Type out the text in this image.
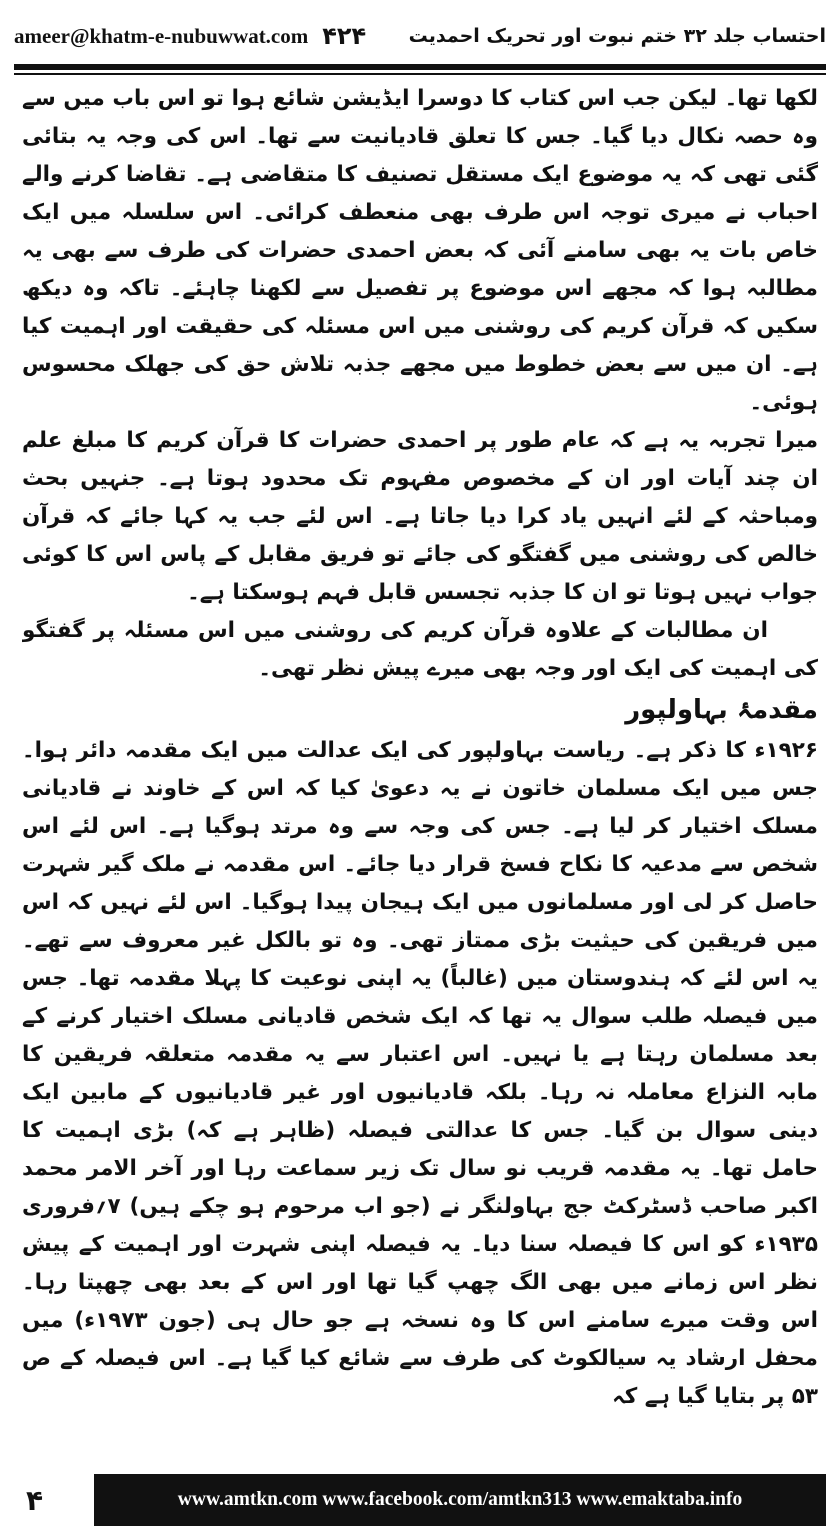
ameer@khatm-e-nubuwwat.com ۴۲۴ احتساب جلد ۳۲ ختم نبوت اور تحریک احمدیت

لکھا تھا۔ لیکن جب اس کتاب کا دوسرا ایڈیشن شائع ہوا تو اس باب میں سے وہ حصہ نکال دیا گیا۔ جس کا تعلق قادیانیت سے تھا۔ اس کی وجہ یہ بتائی گئی تھی کہ یہ موضوع ایک مستقل تصنیف کا متقاضی ہے۔ تقاضا کرنے والے احباب نے میری توجہ اس طرف بھی منعطف کرائی۔ اس سلسلہ میں ایک خاص بات یہ بھی سامنے آئی کہ بعض احمدی حضرات کی طرف سے بھی یہ مطالبہ ہوا کہ مجھے اس موضوع پر تفصیل سے لکھنا چاہئے۔ تاکہ وہ دیکھ سکیں کہ قرآن کریم کی روشنی میں اس مسئلہ کی حقیقت اور اہمیت کیا ہے۔ ان میں سے بعض خطوط میں مجھے جذبہ تلاش حق کی جھلک محسوس ہوئی۔

میرا تجربہ یہ ہے کہ عام طور پر احمدی حضرات کا قرآن کریم کا مبلغ علم ان چند آیات اور ان کے مخصوص مفہوم تک محدود ہوتا ہے۔ جنہیں بحث ومباحثہ کے لئے انہیں یاد کرا دیا جاتا ہے۔ اس لئے جب یہ کہا جائے کہ قرآن خالص کی روشنی میں گفتگو کی جائے تو فریق مقابل کے پاس اس کا کوئی جواب نہیں ہوتا تو ان کا جذبہ تجسس قابل فہم ہوسکتا ہے۔

ان مطالبات کے علاوہ قرآن کریم کی روشنی میں اس مسئلہ پر گفتگو کی اہمیت کی ایک اور وجہ بھی میرے پیش نظر تھی۔

مقدمۂ بہاولپور

۱۹۲۶ء کا ذکر ہے۔ ریاست بہاولپور کی ایک عدالت میں ایک مقدمہ دائر ہوا۔ جس میں ایک مسلمان خاتون نے یہ دعویٰ کیا کہ اس کے خاوند نے قادیانی مسلک اختیار کر لیا ہے۔ جس کی وجہ سے وہ مرتد ہوگیا ہے۔ اس لئے اس شخص سے مدعیہ کا نکاح فسخ قرار دیا جائے۔ اس مقدمہ نے ملک گیر شہرت حاصل کر لی اور مسلمانوں میں ایک ہیجان پیدا ہوگیا۔ اس لئے نہیں کہ اس میں فریقین کی حیثیت بڑی ممتاز تھی۔ وہ تو بالکل غیر معروف سے تھے۔ یہ اس لئے کہ ہندوستان میں (غالباً) یہ اپنی نوعیت کا پہلا مقدمہ تھا۔ جس میں فیصلہ طلب سوال یہ تھا کہ ایک شخص قادیانی مسلک اختیار کرنے کے بعد مسلمان رہتا ہے یا نہیں۔ اس اعتبار سے یہ مقدمہ متعلقہ فریقین کا مابہ النزاع معاملہ نہ رہا۔ بلکہ قادیانیوں اور غیر قادیانیوں کے مابین ایک دینی سوال بن گیا۔ جس کا عدالتی فیصلہ (ظاہر ہے کہ) بڑی اہمیت کا حامل تھا۔ یہ مقدمہ قریب نو سال تک زیر سماعت رہا اور آخر الامر محمد اکبر صاحب ڈسٹرکٹ جج بہاولنگر نے (جو اب مرحوم ہو چکے ہیں) ۷؍فروری ۱۹۳۵ء کو اس کا فیصلہ سنا دیا۔ یہ فیصلہ اپنی شہرت اور اہمیت کے پیش نظر اس زمانے میں بھی الگ چھپ گیا تھا اور اس کے بعد بھی چھپتا رہا۔ اس وقت میرے سامنے اس کا وہ نسخہ ہے جو حال ہی (جون ۱۹۷۳ء) میں محفل ارشاد یہ سیالکوٹ کی طرف سے شائع کیا گیا ہے۔ اس فیصلہ کے ص ۵۳ پر بتایا گیا ہے کہ

۴	www.amtkn.com www.facebook.com/amtkn313 www.emaktaba.info
